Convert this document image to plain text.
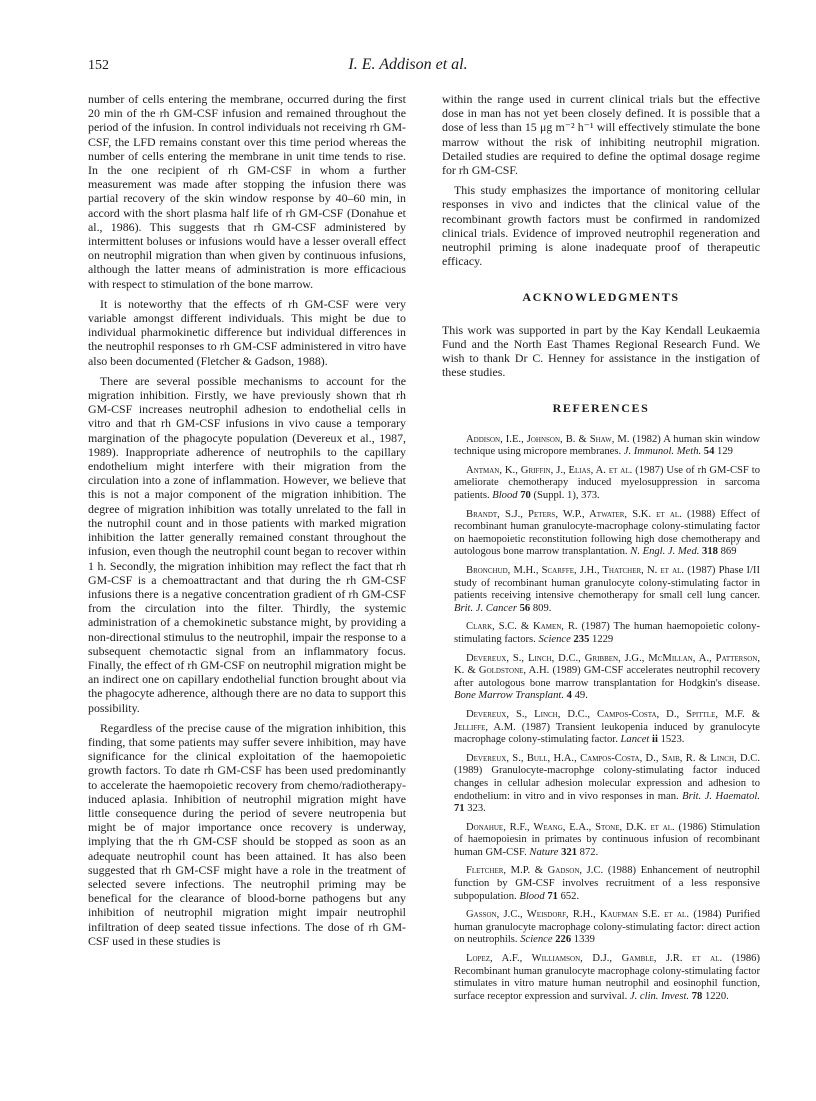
152	I. E. Addison et al.

number of cells entering the membrane, occurred during the first 20 min of the rh GM-CSF infusion and remained throughout the period of the infusion. In control individuals not receiving rh GM-CSF, the LFD remains constant over this time period whereas the number of cells entering the membrane in unit time tends to rise. In the one recipient of rh GM-CSF in whom a further measurement was made after stopping the infusion there was partial recovery of the skin window response by 40–60 min, in accord with the short plasma half life of rh GM-CSF (Donahue et al., 1986). This suggests that rh GM-CSF administered by intermittent boluses or infusions would have a lesser overall effect on neutrophil migration than when given by continuous infusions, although the latter means of administration is more efficacious with respect to stimulation of the bone marrow.

It is noteworthy that the effects of rh GM-CSF were very variable amongst different individuals. This might be due to individual pharmokinetic difference but individual differences in the neutrophil responses to rh GM-CSF administered in vitro have also been documented (Fletcher & Gadson, 1988).

There are several possible mechanisms to account for the migration inhibition. Firstly, we have previously shown that rh GM-CSF increases neutrophil adhesion to endothelial cells in vitro and that rh GM-CSF infusions in vivo cause a temporary margination of the phagocyte population (Devereux et al., 1987, 1989). Inappropriate adherence of neutrophils to the capillary endothelium might interfere with their migration from the circulation into a zone of inflammation. However, we believe that this is not a major component of the migration inhibition. The degree of migration inhibition was totally unrelated to the fall in the nutrophil count and in those patients with marked migration inhibition the latter generally remained constant throughout the infusion, even though the neutrophil count began to recover within 1 h. Secondly, the migration inhibition may reflect the fact that rh GM-CSF is a chemoattractant and that during the rh GM-CSF infusions there is a negative concentration gradient of rh GM-CSF from the circulation into the filter. Thirdly, the systemic administration of a chemokinetic substance might, by providing a non-directional stimulus to the neutrophil, impair the response to a subsequent chemotactic signal from an inflammatory focus. Finally, the effect of rh GM-CSF on neutrophil migration might be an indirect one on capillary endothelial function brought about via the phagocyte adherence, although there are no data to support this possibility.

Regardless of the precise cause of the migration inhibition, this finding, that some patients may suffer severe inhibition, may have significance for the clinical exploitation of the haemopoietic growth factors. To date rh GM-CSF has been used predominantly to accelerate the haemopoietic recovery from chemo/radiotherapy-induced aplasia. Inhibition of neutrophil migration might have little consequence during the period of severe neutropenia but might be of major importance once recovery is underway, implying that the rh GM-CSF should be stopped as soon as an adequate neutrophil count has been attained. It has also been suggested that rh GM-CSF might have a role in the treatment of selected severe infections. The neutrophil priming may be benefical for the clearance of blood-borne pathogens but any inhibition of neutrophil migration might impair neutrophil infiltration of deep seated tissue infections. The dose of rh GM-CSF used in these studies is

within the range used in current clinical trials but the effective dose in man has not yet been closely defined. It is possible that a dose of less than 15 μg m⁻² h⁻¹ will effectively stimulate the bone marrow without the risk of inhibiting neutrophil migration. Detailed studies are required to define the optimal dosage regime for rh GM-CSF.

This study emphasizes the importance of monitoring cellular responses in vivo and indictes that the clinical value of the recombinant growth factors must be confirmed in randomized clinical trials. Evidence of improved neutrophil regeneration and neutrophil priming is alone inadequate proof of therapeutic efficacy.

ACKNOWLEDGMENTS

This work was supported in part by the Kay Kendall Leukaemia Fund and the North East Thames Regional Research Fund. We wish to thank Dr C. Henney for assistance in the instigation of these studies.

REFERENCES

Addison, I.E., Johnson, B. & Shaw, M. (1982) A human skin window technique using micropore membranes. J. Immunol. Meth. 54 129

Antman, K., Griffin, J., Elias, A. et al. (1987) Use of rh GM-CSF to ameliorate chemotherapy induced myelosuppression in sarcoma patients. Blood 70 (Suppl. 1), 373.

Brandt, S.J., Peters, W.P., Atwater, S.K. et al. (1988) Effect of recombinant human granulocyte-macrophage colony-stimulating factor on haemopoietic reconstitution following high dose chemotherapy and autologous bone marrow transplantation. N. Engl. J. Med. 318 869

Bronchud, M.H., Scarffe, J.H., Thatcher, N. et al. (1987) Phase I/II study of recombinant human granulocyte colony-stimulating factor in patients receiving intensive chemotherapy for small cell lung cancer. Brit. J. Cancer 56 809.

Clark, S.C. & Kamen, R. (1987) The human haemopoietic colony-stimulating factors. Science 235 1229

Devereux, S., Linch, D.C., Gribben, J.G., McMillan, A., Patterson, K. & Goldstone, A.H. (1989) GM-CSF accelerates neutrophil recovery after autologous bone marrow transplantation for Hodgkin's disease. Bone Marrow Transplant. 4 49.

Devereux, S., Linch, D.C., Campos-Costa, D., Spittle, M.F. & Jelliffe, A.M. (1987) Transient leukopenia induced by granulocyte macrophage colony-stimulating factor. Lancet ii 1523.

Devereux, S., Bull, H.A., Campos-Costa, D., Saib, R. & Linch, D.C. (1989) Granulocyte-macrophge colony-stimulating factor induced changes in cellular adhesion molecular expression and adhesion to endothelium: in vitro and in vivo responses in man. Brit. J. Haematol. 71 323.

Donahue, R.F., Weang, E.A., Stone, D.K. et al. (1986) Stimulation of haemopoiesin in primates by continuous infusion of recombinant human GM-CSF. Nature 321 872.

Fletcher, M.P. & Gadson, J.C. (1988) Enhancement of neutrophil function by GM-CSF involves recruitment of a less responsive subpopulation. Blood 71 652.

Gasson, J.C., Weisdorf, R.H., Kaufman S.E. et al. (1984) Purified human granulocyte macrophage colony-stimulating factor: direct action on neutrophils. Science 226 1339

Lopez, A.F., Williamson, D.J., Gamble, J.R. et al. (1986) Recombinant human granulocyte macrophage colony-stimulating factor stimulates in vitro mature human neutrophil and eosinophil function, surface receptor expression and survival. J. clin. Invest. 78 1220.
